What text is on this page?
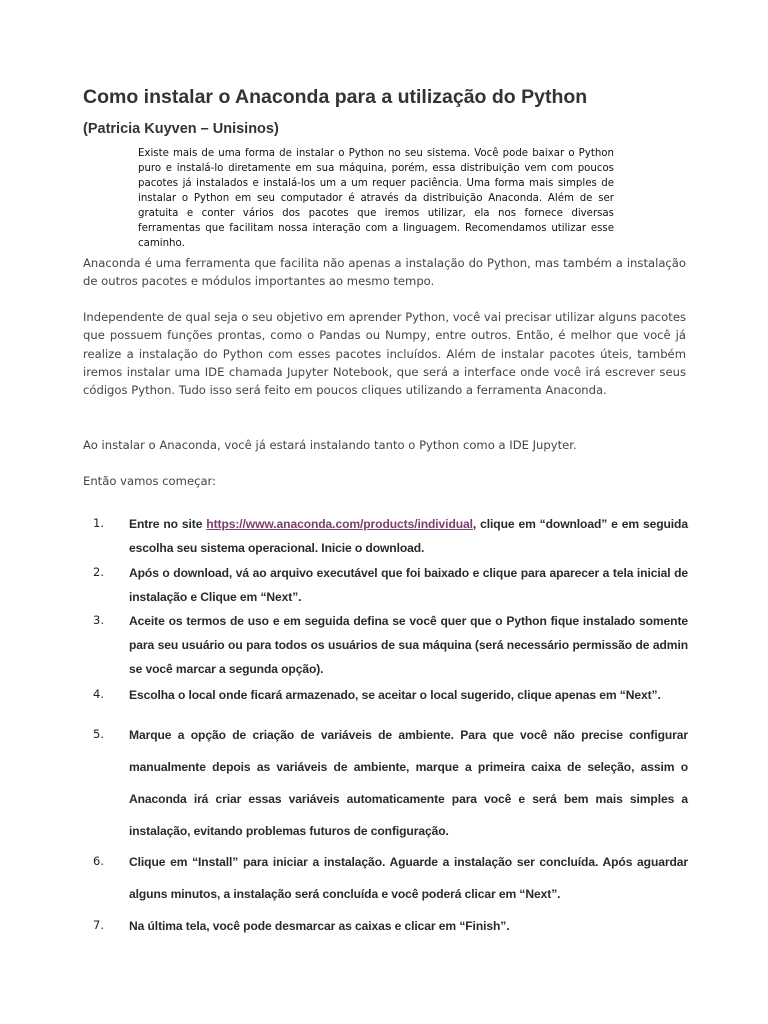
Como instalar o Anaconda para a utilização do Python
(Patricia Kuyven – Unisinos)

Existe mais de uma forma de instalar o Python no seu sistema. Você pode baixar o Python puro e instalá-lo diretamente em sua máquina, porém, essa distribuição vem com poucos pacotes já instalados e instalá-los um a um requer paciência. Uma forma mais simples de instalar o Python em seu computador é através da distribuição Anaconda. Além de ser gratuita e conter vários dos pacotes que iremos utilizar, ela nos fornece diversas ferramentas que facilitam nossa interação com a linguagem. Recomendamos utilizar esse caminho.

Anaconda é uma ferramenta que facilita não apenas a instalação do Python, mas também a instalação de outros pacotes e módulos importantes ao mesmo tempo.

Independente de qual seja o seu objetivo em aprender Python, você vai precisar utilizar alguns pacotes que possuem funções prontas, como o Pandas ou Numpy, entre outros. Então, é melhor que você já realize a instalação do Python com esses pacotes incluídos. Além de instalar pacotes úteis, também iremos instalar uma IDE chamada Jupyter Notebook, que será a interface onde você irá escrever seus códigos Python. Tudo isso será feito em poucos cliques utilizando a ferramenta Anaconda.

Ao instalar o Anaconda, você já estará instalando tanto o Python como a IDE Jupyter.

Então vamos começar:

1.	Entre no site https://www.anaconda.com/products/individual, clique em “download” e em seguida escolha seu sistema operacional. Inicie o download.
2.	Após o download, vá ao arquivo executável que foi baixado e clique para aparecer a tela inicial de instalação e Clique em “Next”.
3.	Aceite os termos de uso e em seguida defina se você quer que o Python fique instalado somente para seu usuário ou para todos os usuários de sua máquina (será necessário permissão de admin se você marcar a segunda opção).
4.	Escolha o local onde ficará armazenado, se aceitar o local sugerido, clique apenas em “Next”.
5.	Marque a opção de criação de variáveis de ambiente. Para que você não precise configurar manualmente depois as variáveis de ambiente, marque a primeira caixa de seleção, assim o Anaconda irá criar essas variáveis automaticamente para você e será bem mais simples a instalação, evitando problemas futuros de configuração.
6.	Clique em “Install” para iniciar a instalação. Aguarde a instalação ser concluída. Após aguardar alguns minutos, a instalação será concluída e você poderá clicar em “Next”.
7.	Na última tela, você pode desmarcar as caixas e clicar em “Finish”.
